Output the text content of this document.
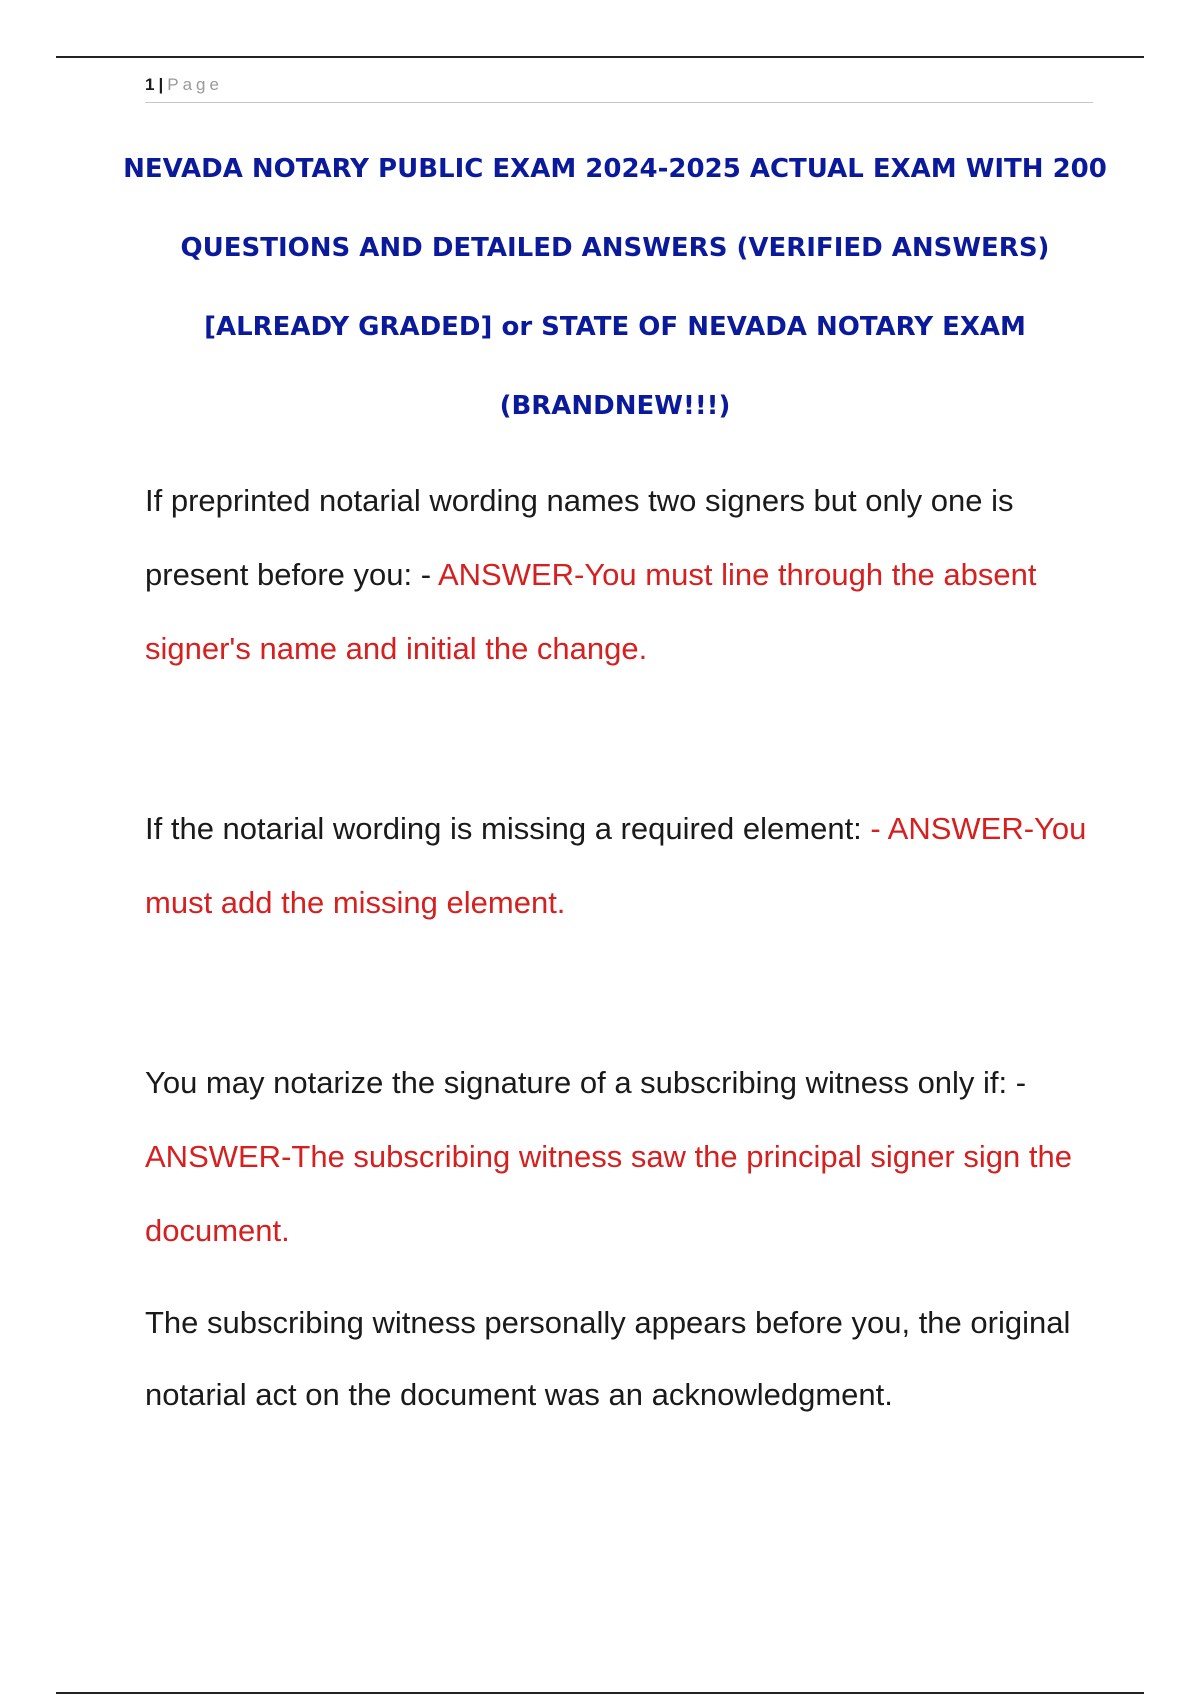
1 | Page
NEVADA NOTARY PUBLIC EXAM 2024-2025 ACTUAL EXAM WITH 200 QUESTIONS AND DETAILED ANSWERS (VERIFIED ANSWERS) [ALREADY GRADED] or STATE OF NEVADA NOTARY EXAM (BRANDNEW!!!)

If preprinted notarial wording names two signers but only one is present before you: - ANSWER-You must line through the absent signer's name and initial the change.

If the notarial wording is missing a required element: - ANSWER-You must add the missing element.

You may notarize the signature of a subscribing witness only if: - ANSWER-The subscribing witness saw the principal signer sign the document.

The subscribing witness personally appears before you, the original notarial act on the document was an acknowledgment.
